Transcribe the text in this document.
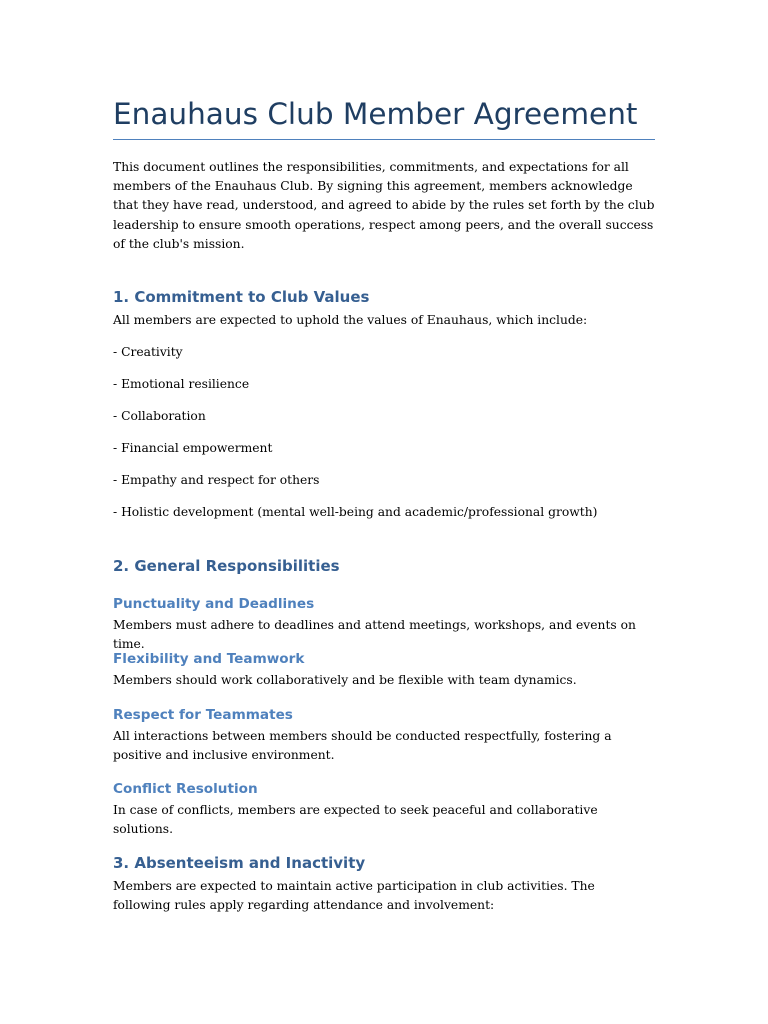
Enauhaus Club Member Agreement

This document outlines the responsibilities, commitments, and expectations for all members of the Enauhaus Club. By signing this agreement, members acknowledge that they have read, understood, and agreed to abide by the rules set forth by the club leadership to ensure smooth operations, respect among peers, and the overall success of the club's mission.

1. Commitment to Club Values

All members are expected to uphold the values of Enauhaus, which include:

- Creativity

- Emotional resilience

- Collaboration

- Financial empowerment

- Empathy and respect for others

- Holistic development (mental well-being and academic/professional growth)

2. General Responsibilities
Punctuality and Deadlines

Members must adhere to deadlines and attend meetings, workshops, and events on time.

Flexibility and Teamwork

Members should work collaboratively and be flexible with team dynamics.

Respect for Teammates

All interactions between members should be conducted respectfully, fostering a positive and inclusive environment.

Conflict Resolution

In case of conflicts, members are expected to seek peaceful and collaborative solutions.

3. Absenteeism and Inactivity

Members are expected to maintain active participation in club activities. The following rules apply regarding attendance and involvement:
